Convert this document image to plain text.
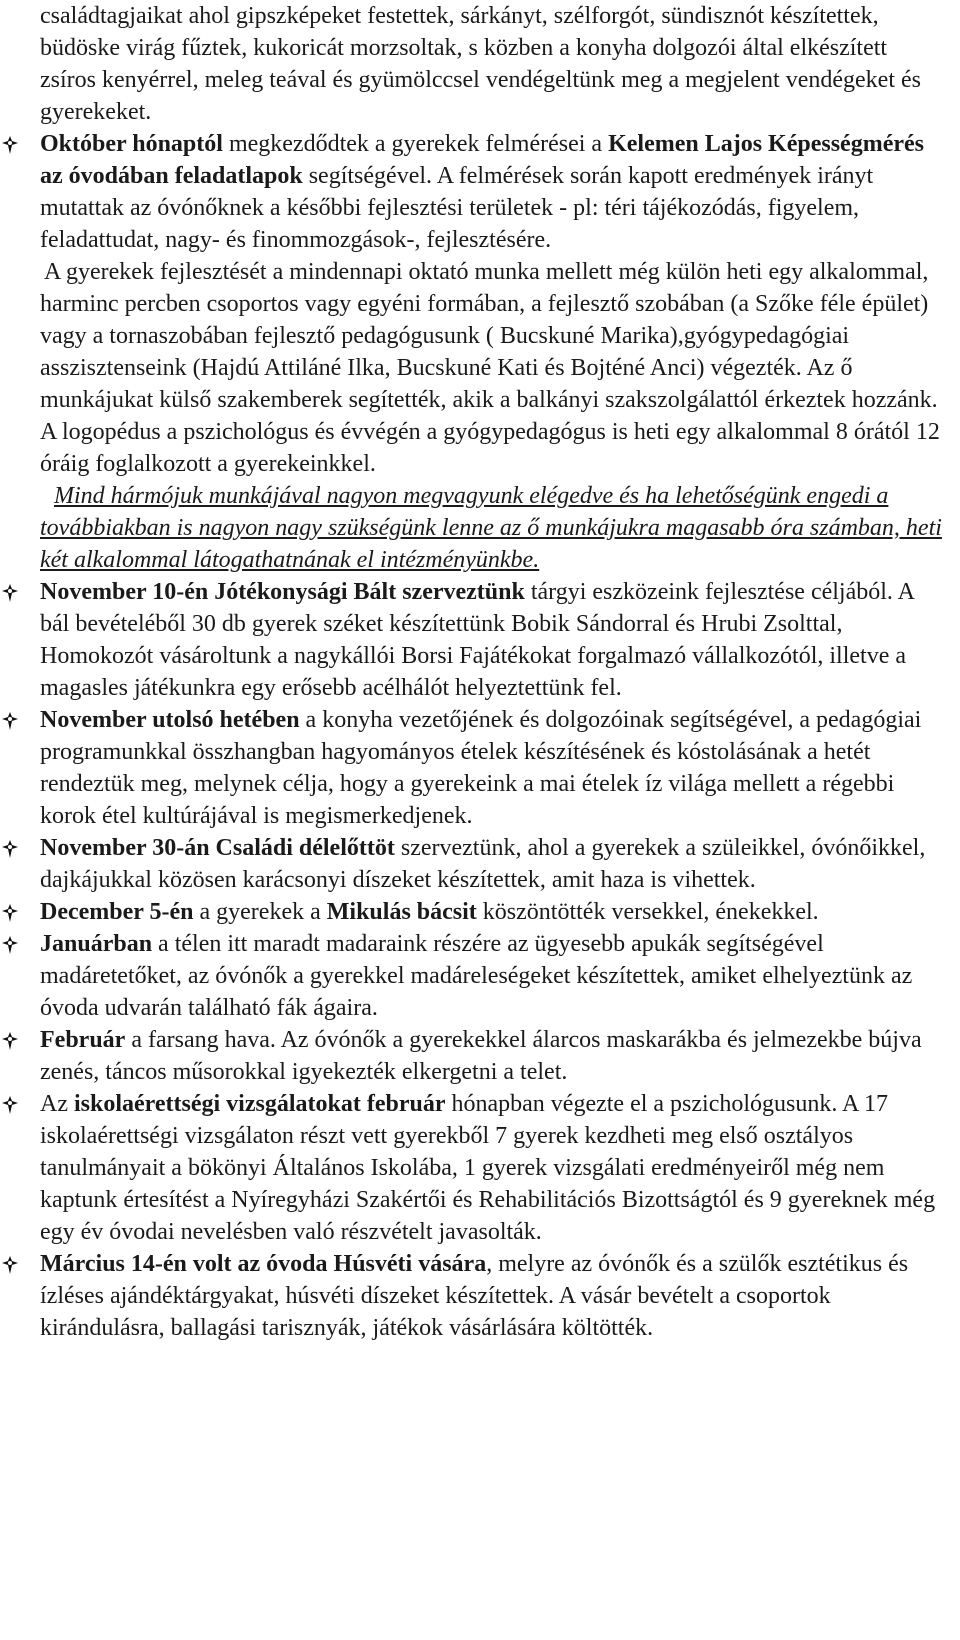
családtagjaikat ahol gipszképeket festettek, sárkányt, szélforgót, sündisznót készítettek, büdöske virág fűztek, kukoricát morzsoltak, s közben a konyha dolgozói által elkészített zsíros kenyérrel, meleg teával és gyümölccsel vendégeltünk meg a megjelent vendégeket és gyerekeket.

Október hónaptól megkezdődtek a gyerekek felmérései a Kelemen Lajos Képességmérés az óvodában feladatlapok segítségével. A felmérések során kapott eredmények irányt mutattak az óvónőknek a későbbi fejlesztési területek - pl: téri tájékozódás, figyelem, feladattudat, nagy- és finommozgások-, fejlesztésére.

A gyerekek fejlesztését a mindennapi oktató munka mellett még külön heti egy alkalommal, harminc percben csoportos vagy egyéni formában, a fejlesztő szobában (a Szőke féle épület) vagy a tornaszobában fejlesztő pedagógusunk ( Bucskuné Marika),gyógypedagógiai asszisztenseink (Hajdú Attiláné Ilka, Bucskuné Kati és Bojténé Anci) végezték. Az ő munkájukat külső szakemberek segítették, akik a balkányi szakszolgálattól érkeztek hozzánk. A logopédus a pszichológus és évvégén a gyógypedagógus is heti egy alkalommal 8 órától 12 óráig foglalkozott a gyerekeinkkel.

Mind hármójuk munkájával nagyon megvagyunk elégedve és ha lehetőségünk engedi a továbbiakban is nagyon nagy szükségünk lenne az ő munkájukra magasabb óra számban, heti két alkalommal látogathatnának el intézményünkbe.

November 10-én Jótékonysági Bált szerveztünk tárgyi eszközeink fejlesztése céljából. A bál bevételéből 30 db gyerek széket készítettünk Bobik Sándorral és Hrubi Zsolttal, Homokozót vásároltunk a nagykállói Borsi Fajátékokat forgalmazó vállalkozótól, illetve a magasles játékunkra egy erősebb acélhálót helyeztettünk fel.

November utolsó hetében a konyha vezetőjének és dolgozóinak segítségével, a pedagógiai programunkkal összhangban hagyományos ételek készítésének és kóstolásának a hetét rendeztük meg, melynek célja, hogy a gyerekeink a mai ételek íz világa mellett a régebbi korok étel kultúrájával is megismerkedjenek.

November 30-án Családi délelőttöt szerveztünk, ahol a gyerekek a szüleikkel, óvónőikkel, dajkájukkal közösen karácsonyi díszeket készítettek, amit haza is vihettek.

December 5-én a gyerekek a Mikulás bácsit köszöntötték versekkel, énekekkel.

Januárban a télen itt maradt madaraink részére az ügyesebb apukák segítségével madáretetőket, az óvónők a gyerekkel madáreleségeket készítettek, amiket elhelyeztünk az óvoda udvarán található fák ágaira.

Február a farsang hava. Az óvónők a gyerekekkel álarcos maskarákba és jelmezekbe bújva zenés, táncos műsorokkal igyekezték elkergetni a telet.

Az iskolaérettségi vizsgálatokat február hónapban végezte el a pszichológusunk. A 17 iskolaérettségi vizsgálaton részt vett gyerekből 7 gyerek kezdheti meg első osztályos tanulmányait a bökönyi Általános Iskolába, 1 gyerek vizsgálati eredményeiről még nem kaptunk értesítést a Nyíregyházi Szakértői és Rehabilitációs Bizottságtól és 9 gyereknek még egy év óvodai nevelésben való részvételt javasolták.

Március 14-én volt az óvoda Húsvéti vására, melyre az óvónők és a szülők esztétikus és ízléses ajándéktárgyakat, húsvéti díszeket készítettek. A vásár bevételt a csoportok kirándulásra, ballagási tarisznyák, játékok vásárlására költötték.
